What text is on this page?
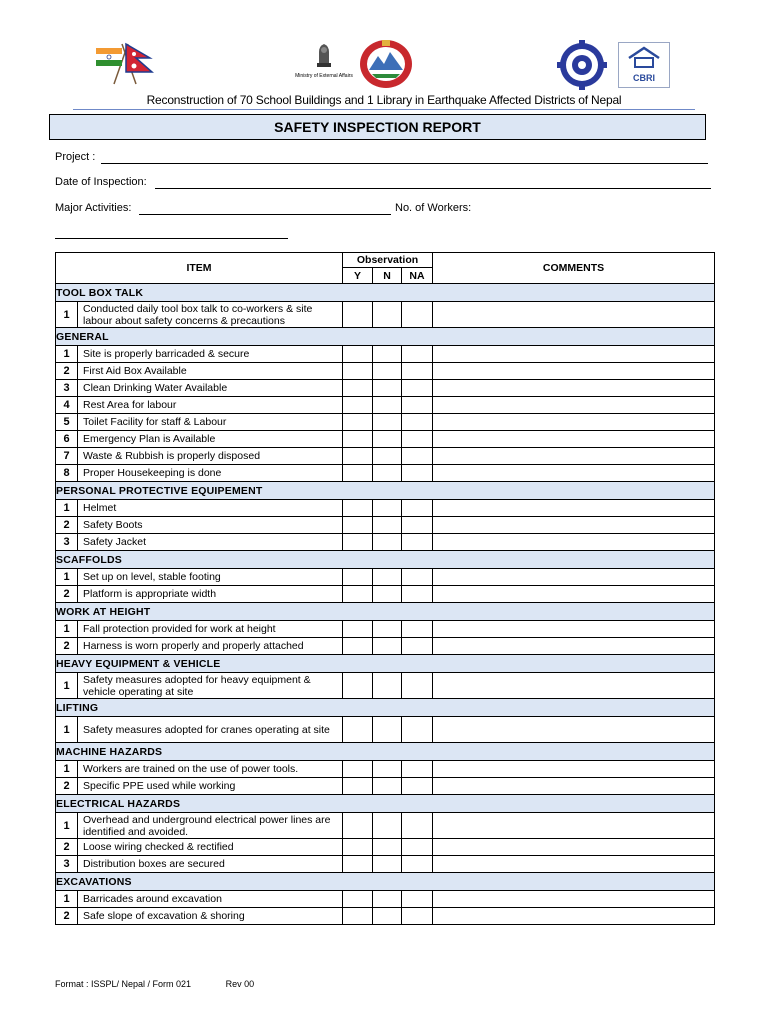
Ministry of External Affairs	CBRI
Reconstruction of 70 School Buildings and 1 Library in Earthquake Affected Districts of Nepal
SAFETY INSPECTION REPORT
Project :
Date of Inspection:
Major Activities:	No. of Workers:
ITEM		Observation			COMMENTS
		Y	N	NA	
TOOL BOX TALK					
1	Conducted daily tool box talk to co-workers & site labour about safety concerns & precautions				
GENERAL					
1	Site is properly barricaded & secure				
2	First Aid Box Available				
3	Clean Drinking Water Available				
4	Rest Area for labour				
5	Toilet Facility for staff & Labour				
6	Emergency Plan is Available				
7	Waste & Rubbish is properly disposed				
8	Proper Housekeeping is done				
PERSONAL PROTECTIVE EQUIPEMENT					
1	Helmet				
2	Safety Boots				
3	Safety Jacket				
SCAFFOLDS					
1	Set up on level, stable footing				
2	Platform is appropriate width				
WORK AT HEIGHT					
1	Fall protection provided for work at height				
2	Harness is worn properly and properly attached				
HEAVY EQUIPMENT & VEHICLE					
1	Safety measures adopted for heavy equipment & vehicle operating at site				
LIFTING					
1	Safety measures adopted for cranes operating at site				
MACHINE HAZARDS					
1	Workers are trained on the use of power tools.				
2	Specific PPE used while working				
ELECTRICAL HAZARDS					
1	Overhead and underground electrical power lines are identified and avoided.				
2	Loose wiring checked & rectified				
3	Distribution boxes are secured				
EXCAVATIONS					
1	Barricades around excavation				
2	Safe slope of excavation & shoring				
Format : ISSPL/ Nepal / Form 021	Rev 00
